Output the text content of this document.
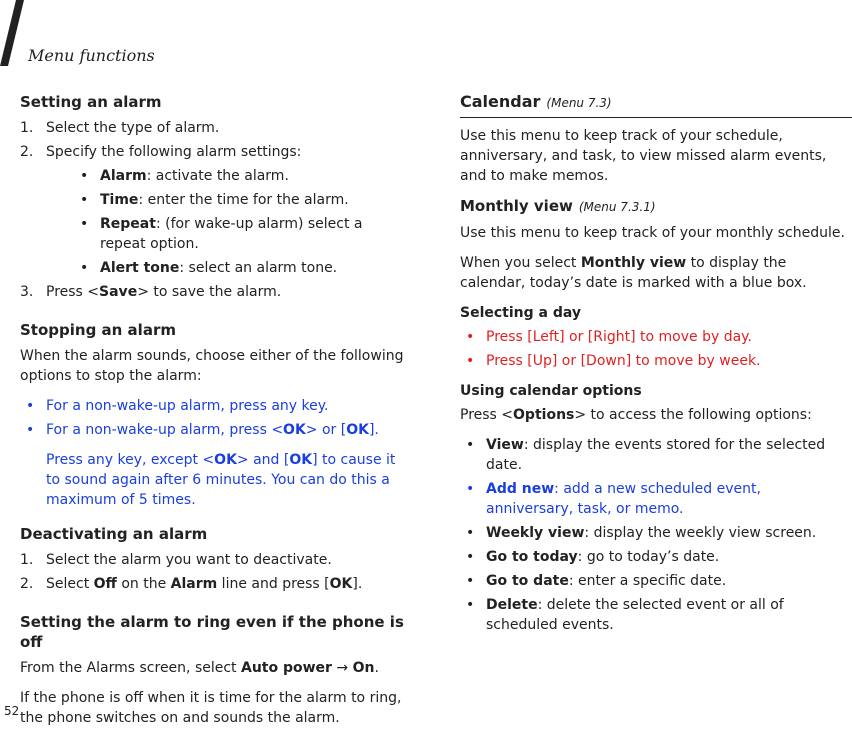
Menu functions
Setting an alarm
1. Select the type of alarm.
2. Specify the following alarm settings:
• Alarm: activate the alarm.
• Time: enter the time for the alarm.
• Repeat: (for wake-up alarm) select a repeat option.
• Alert tone: select an alarm tone.
3. Press <Save> to save the alarm.
Stopping an alarm

When the alarm sounds, choose either of the following options to stop the alarm:

• For a non-wake-up alarm, press any key.
• For a non-wake-up alarm, press <OK> or [OK].
Press any key, except <OK> and [OK] to cause it to sound again after 6 minutes. You can do this a maximum of 5 times.
Deactivating an alarm
1. Select the alarm you want to deactivate.
2. Select Off on the Alarm line and press [OK].
Setting the alarm to ring even if the phone is off

From the Alarms screen, select Auto power → On.

If the phone is off when it is time for the alarm to ring, the phone switches on and sounds the alarm.

Calendar (Menu 7.3)

Use this menu to keep track of your schedule, anniversary, and task, to view missed alarm events, and to make memos.

Monthly view (Menu 7.3.1)

Use this menu to keep track of your monthly schedule.

When you select Monthly view to display the calendar, today’s date is marked with a blue box.

Selecting a day
• Press [Left] or [Right] to move by day.
• Press [Up] or [Down] to move by week.
Using calendar options

Press <Options> to access the following options:

• View: display the events stored for the selected date.
• Add new: add a new scheduled event, anniversary, task, or memo.
• Weekly view: display the weekly view screen.
• Go to today: go to today’s date.
• Go to date: enter a specific date.
• Delete: delete the selected event or all of scheduled events.
52
